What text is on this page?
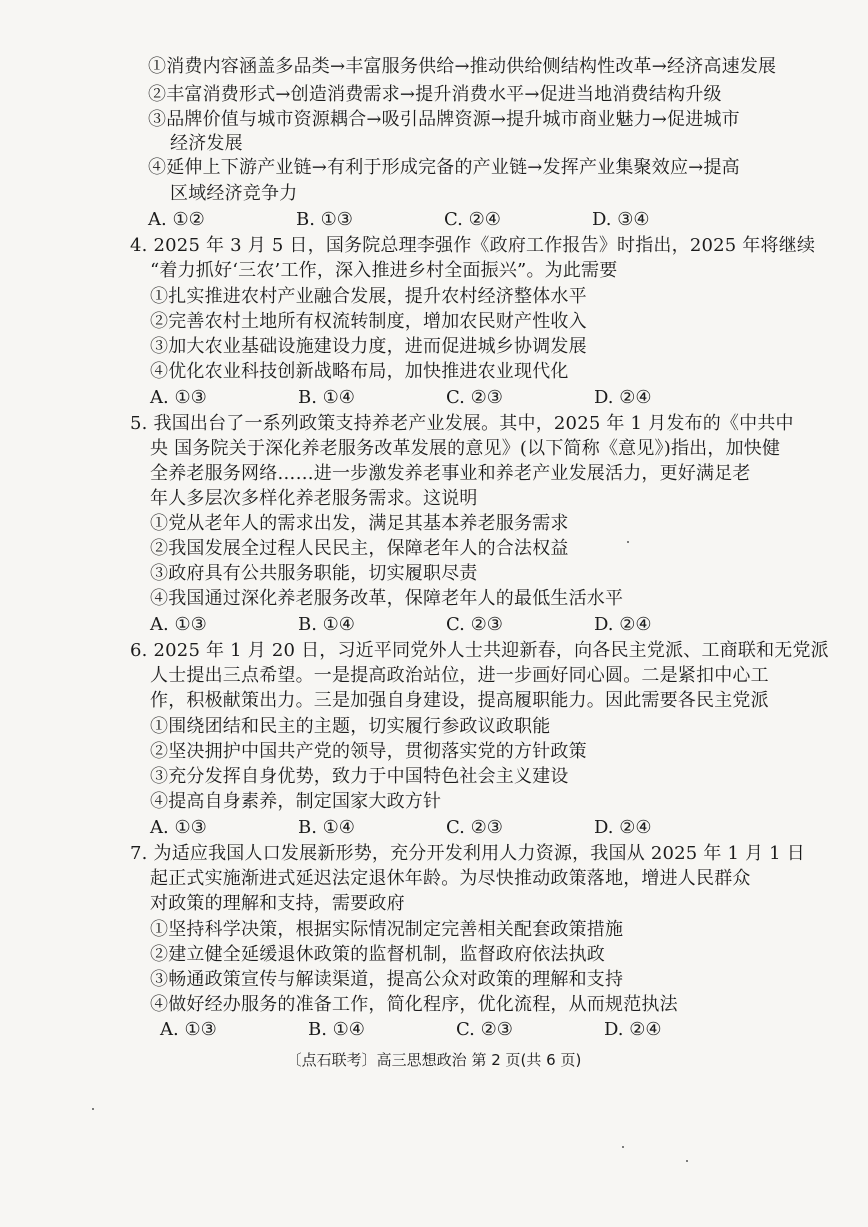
①消费内容涵盖多品类→丰富服务供给→推动供给侧结构性改革→经济高速发展
②丰富消费形式→创造消费需求→提升消费水平→促进当地消费结构升级
③品牌价值与城市资源耦合→吸引品牌资源→提升城市商业魅力→促进城市
经济发展
④延伸上下游产业链→有利于形成完备的产业链→发挥产业集聚效应→提高
区域经济竞争力
A. ①②	B. ①③	C. ②④	D. ③④
4. 2025 年 3 月 5 日，国务院总理李强作《政府工作报告》时指出，2025 年将继续
“着力抓好‘三农’工作，深入推进乡村全面振兴”。为此需要
①扎实推进农村产业融合发展，提升农村经济整体水平
②完善农村土地所有权流转制度，增加农民财产性收入
③加大农业基础设施建设力度，进而促进城乡协调发展
④优化农业科技创新战略布局，加快推进农业现代化
A. ①③	B. ①④	C. ②③	D. ②④
5. 我国出台了一系列政策支持养老产业发展。其中，2025 年 1 月发布的《中共中
央 国务院关于深化养老服务改革发展的意见》(以下简称《意见》)指出，加快健
全养老服务网络……进一步激发养老事业和养老产业发展活力，更好满足老
年人多层次多样化养老服务需求。这说明
①党从老年人的需求出发，满足其基本养老服务需求
②我国发展全过程人民民主，保障老年人的合法权益
③政府具有公共服务职能，切实履职尽责
④我国通过深化养老服务改革，保障老年人的最低生活水平
A. ①③	B. ①④	C. ②③	D. ②④
6. 2025 年 1 月 20 日，习近平同党外人士共迎新春，向各民主党派、工商联和无党派
人士提出三点希望。一是提高政治站位，进一步画好同心圆。二是紧扣中心工
作，积极献策出力。三是加强自身建设，提高履职能力。因此需要各民主党派
①围绕团结和民主的主题，切实履行参政议政职能
②坚决拥护中国共产党的领导，贯彻落实党的方针政策
③充分发挥自身优势，致力于中国特色社会主义建设
④提高自身素养，制定国家大政方针
A. ①③	B. ①④	C. ②③	D. ②④
7. 为适应我国人口发展新形势，充分开发利用人力资源，我国从 2025 年 1 月 1 日
起正式实施渐进式延迟法定退休年龄。为尽快推动政策落地，增进人民群众
对政策的理解和支持，需要政府
①坚持科学决策，根据实际情况制定完善相关配套政策措施
②建立健全延缓退休政策的监督机制，监督政府依法执政
③畅通政策宣传与解读渠道，提高公众对政策的理解和支持
④做好经办服务的准备工作，简化程序，优化流程，从而规范执法
A. ①③	B. ①④	C. ②③	D. ②④
〔点石联考〕高三思想政治 第 2 页(共 6 页)
